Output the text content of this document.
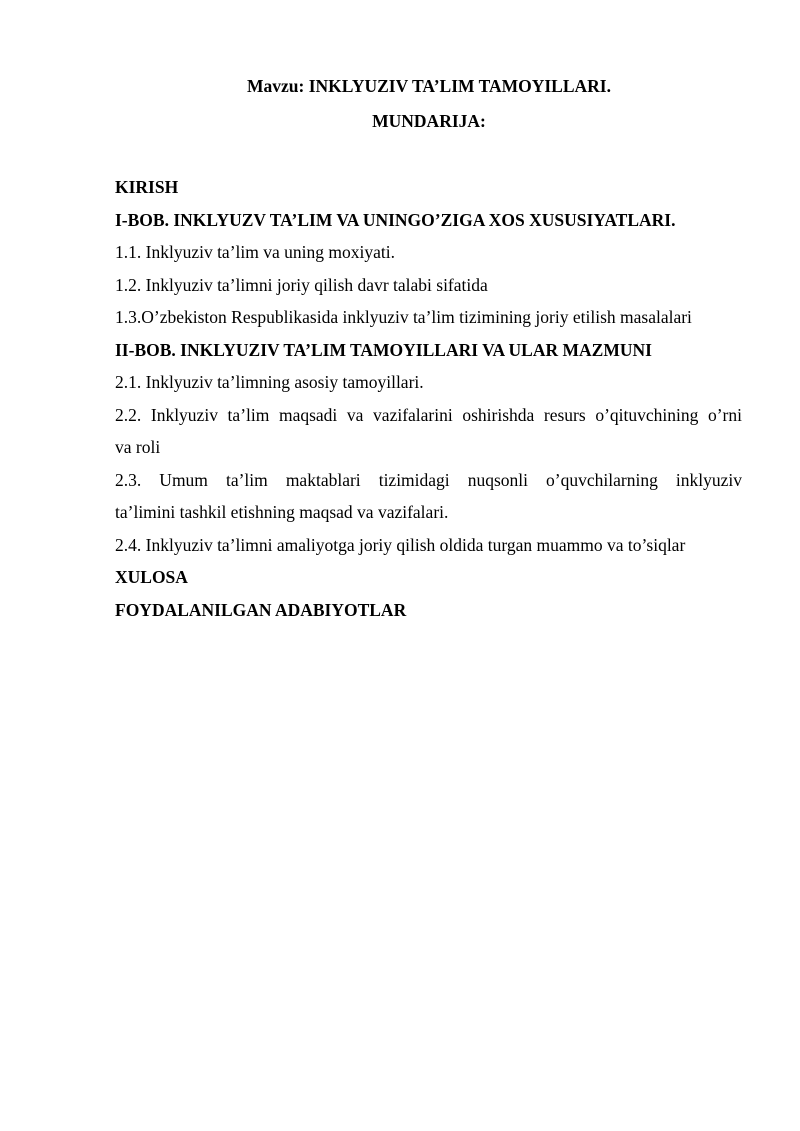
Mavzu: INKLYUZIV TA’LIM TAMOYILLARI.
MUNDARIJA:
KIRISH
I-BOB. INKLYUZV TA’LIM VA UNINGO’ZIGA XOS XUSUSIYATLARI.
1.1. Inklyuziv ta’lim va uning moxiyati.
1.2. Inklyuziv ta’limni joriy qilish davr talabi sifatida
1.3.O’zbekiston Respublikasida inklyuziv ta’lim tizimining joriy etilish masalalari
II-BOB. INKLYUZIV TA’LIM TAMOYILLARI VA ULAR MAZMUNI
2.1. Inklyuziv ta’limning asosiy tamoyillari.
2.2. Inklyuziv ta’lim maqsadi va vazifalarini oshirishda resurs o’qituvchining o’rni
va roli
2.3. Umum ta’lim maktablari tizimidagi nuqsonli o’quvchilarning inklyuziv
ta’limini tashkil etishning maqsad va vazifalari.
2.4. Inklyuziv ta’limni amaliyotga joriy qilish oldida turgan muammo va to’siqlar
XULOSA
FOYDALANILGAN ADABIYOTLAR
